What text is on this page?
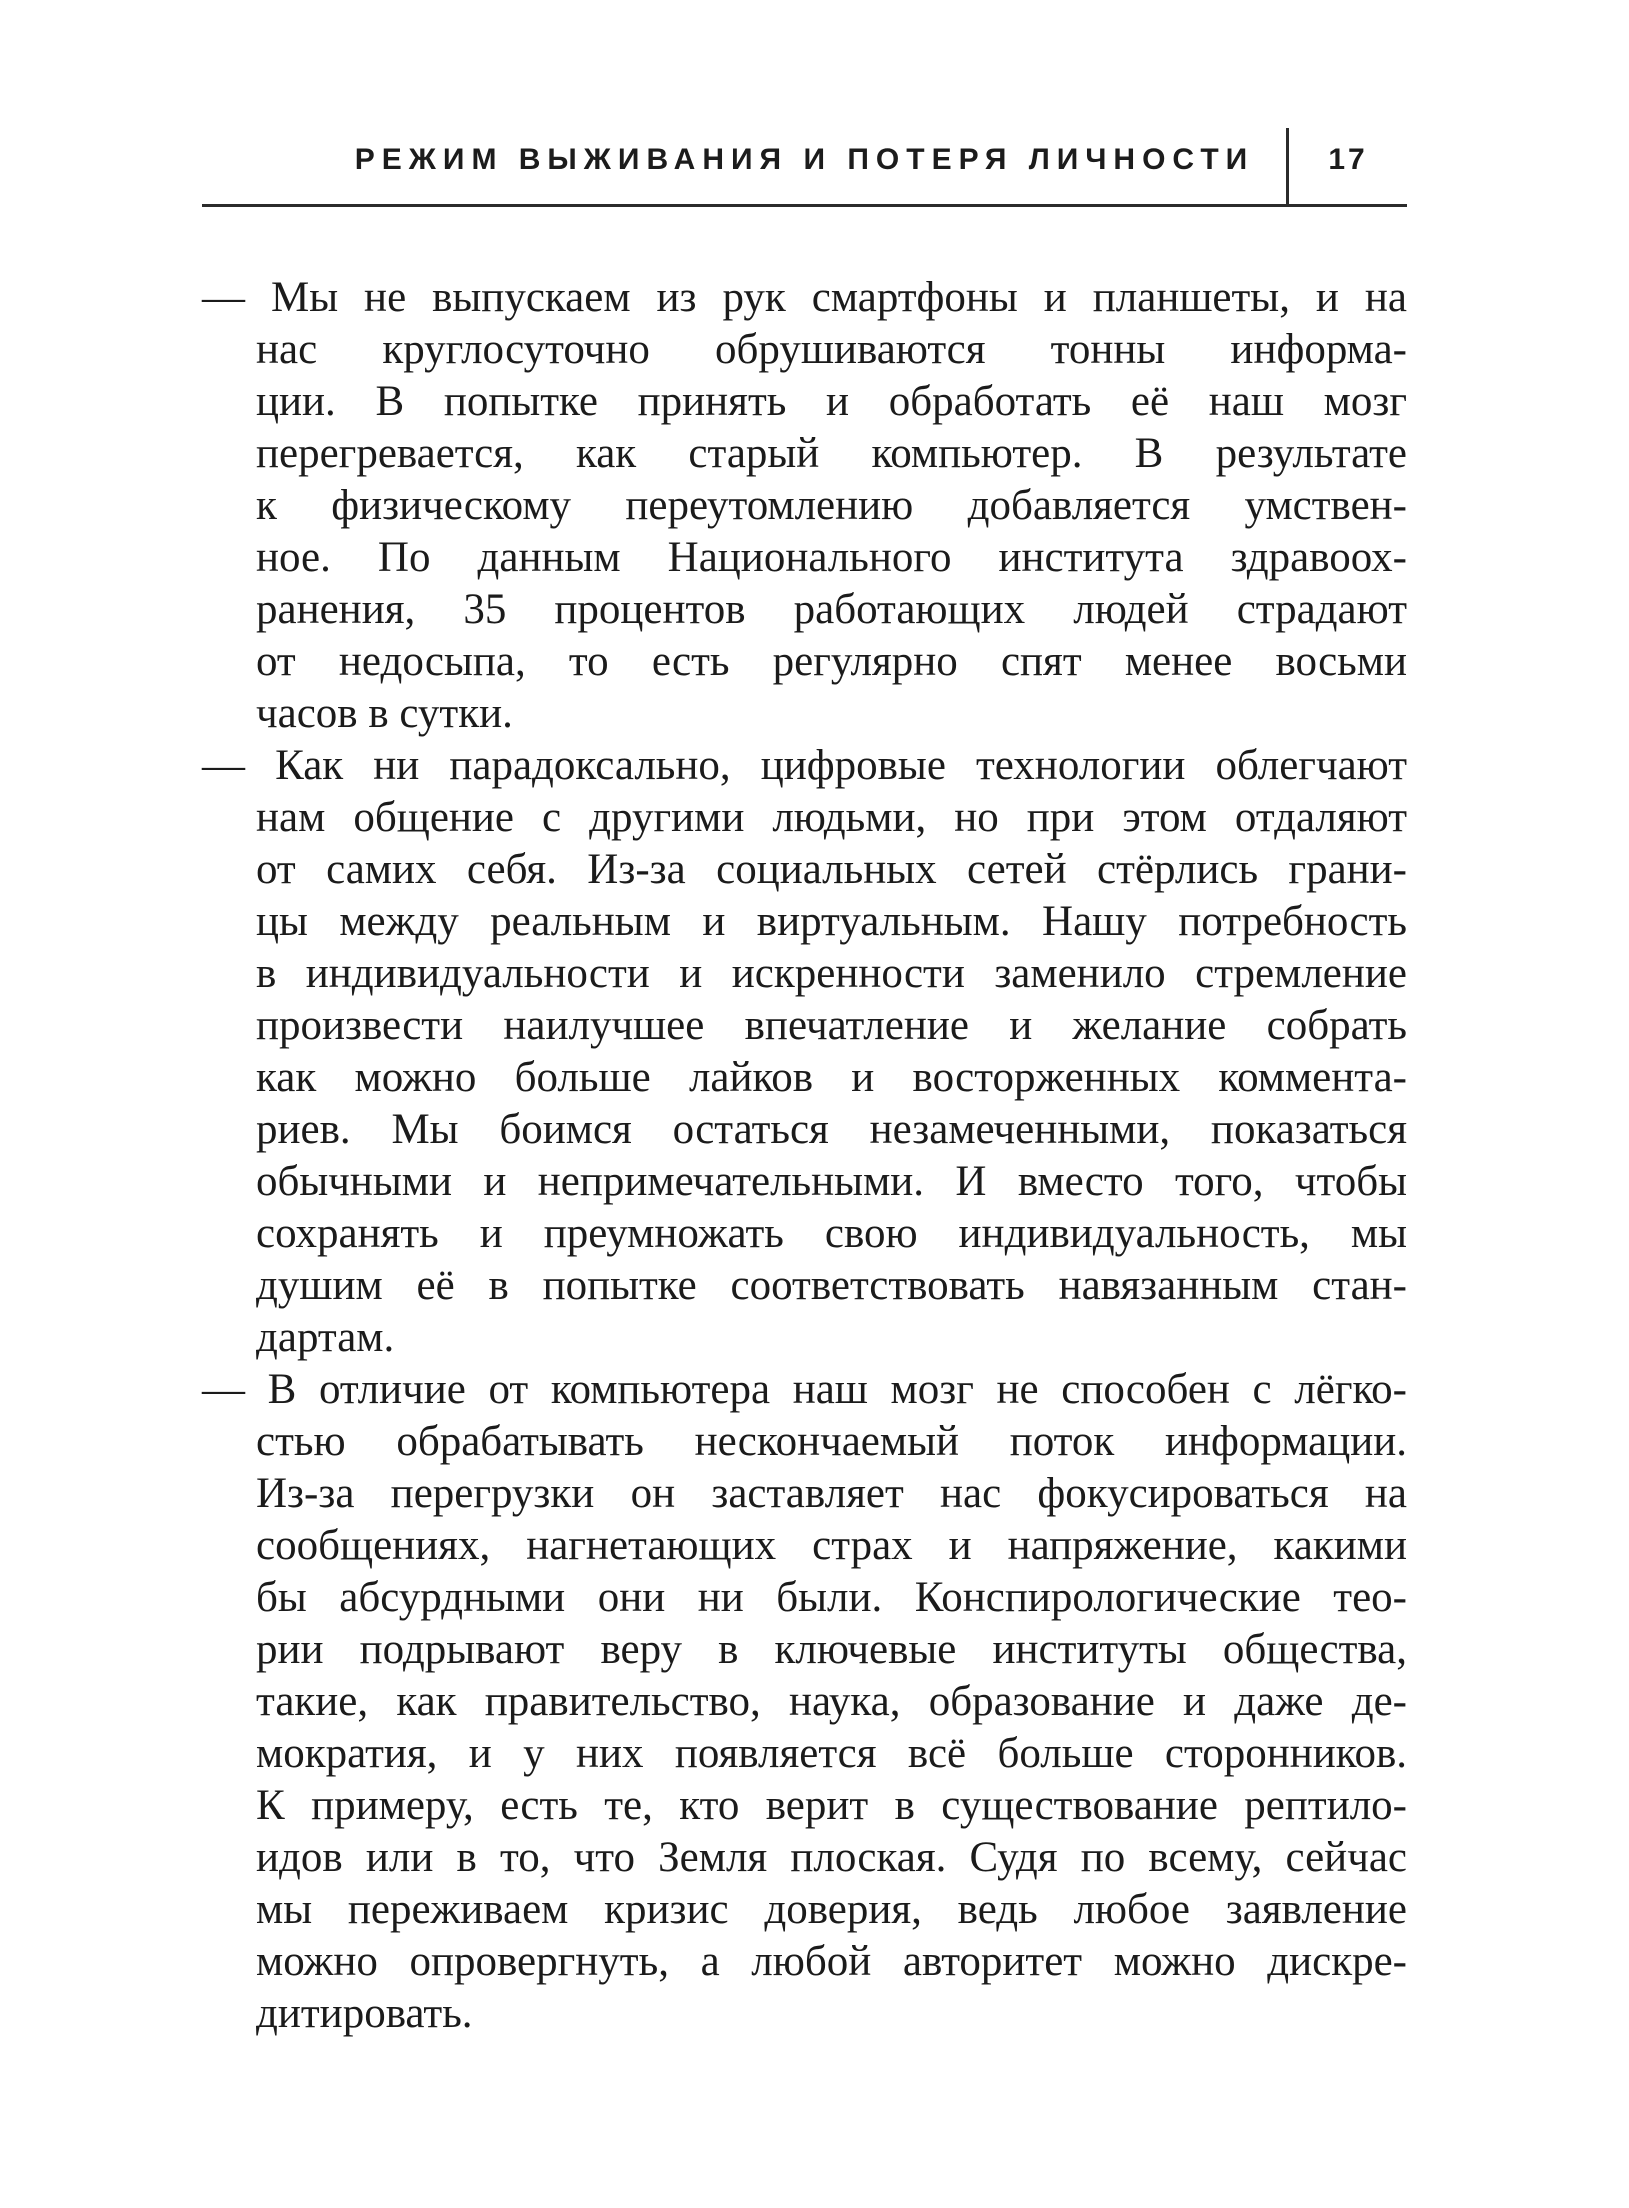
РЕЖИМ ВЫЖИВАНИЯ И ПОТЕРЯ ЛИЧНОСТИ	17
— Мы не выпускаем из рук смартфоны и планшеты, и на
нас круглосуточно обрушиваются тонны информа-
ции. В попытке принять и обработать её наш мозг
перегревается, как старый компьютер. В результате
к физическому переутомлению добавляется умствен-
ное. По данным Национального института здравоох-
ранения, 35 процентов работающих людей страдают
от недосыпа, то есть регулярно спят менее восьми
часов в сутки.
— Как ни парадоксально, цифровые технологии облегчают
нам общение с другими людьми, но при этом отдаляют
от самих себя. Из-за социальных сетей стёрлись грани-
цы между реальным и виртуальным. Нашу потребность
в индивидуальности и искренности заменило стремление
произвести наилучшее впечатление и желание собрать
как можно больше лайков и восторженных коммента-
риев. Мы боимся остаться незамеченными, показаться
обычными и непримечательными. И вместо того, чтобы
сохранять и преумножать свою индивидуальность, мы
душим её в попытке соответствовать навязанным стан-
дартам.
— В отличие от компьютера наш мозг не способен с лёгко-
стью обрабатывать нескончаемый поток информации.
Из-за перегрузки он заставляет нас фокусироваться на
сообщениях, нагнетающих страх и напряжение, какими
бы абсурдными они ни были. Конспирологические тео-
рии подрывают веру в ключевые институты общества,
такие, как правительство, наука, образование и даже де-
мократия, и у них появляется всё больше сторонников.
К примеру, есть те, кто верит в существование рептило-
идов или в то, что Земля плоская. Судя по всему, сейчас
мы переживаем кризис доверия, ведь любое заявление
можно опровергнуть, а любой авторитет можно дискре-
дитировать.
